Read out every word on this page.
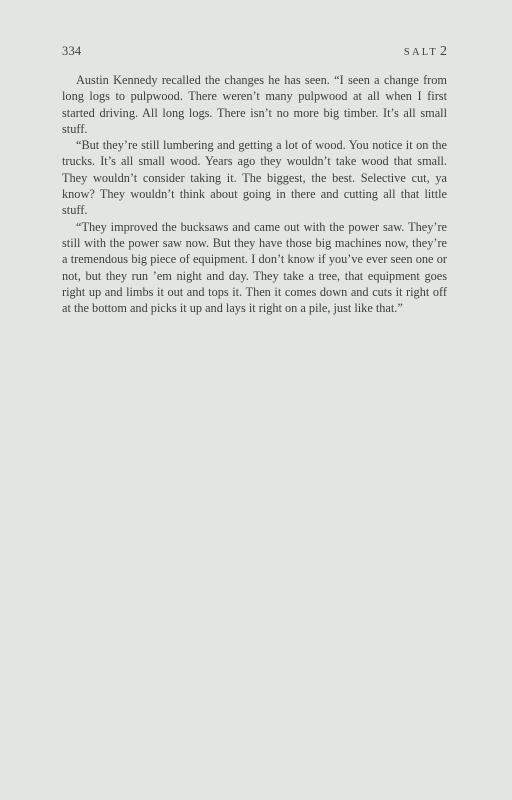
334	SALT 2

Austin Kennedy recalled the changes he has seen. “I seen a change from long logs to pulpwood. There weren’t many pulpwood at all when I first started driving. All long logs. There isn’t no more big timber. It’s all small stuff.

“But they’re still lumbering and getting a lot of wood. You notice it on the trucks. It’s all small wood. Years ago they wouldn’t take wood that small. They wouldn’t consider taking it. The biggest, the best. Selective cut, ya know? They wouldn’t think about going in there and cutting all that little stuff.

“They improved the bucksaws and came out with the power saw. They’re still with the power saw now. But they have those big machines now, they’re a tremendous big piece of equipment. I don’t know if you’ve ever seen one or not, but they run ’em night and day. They take a tree, that equipment goes right up and limbs it out and tops it. Then it comes down and cuts it right off at the bottom and picks it up and lays it right on a pile, just like that.”
